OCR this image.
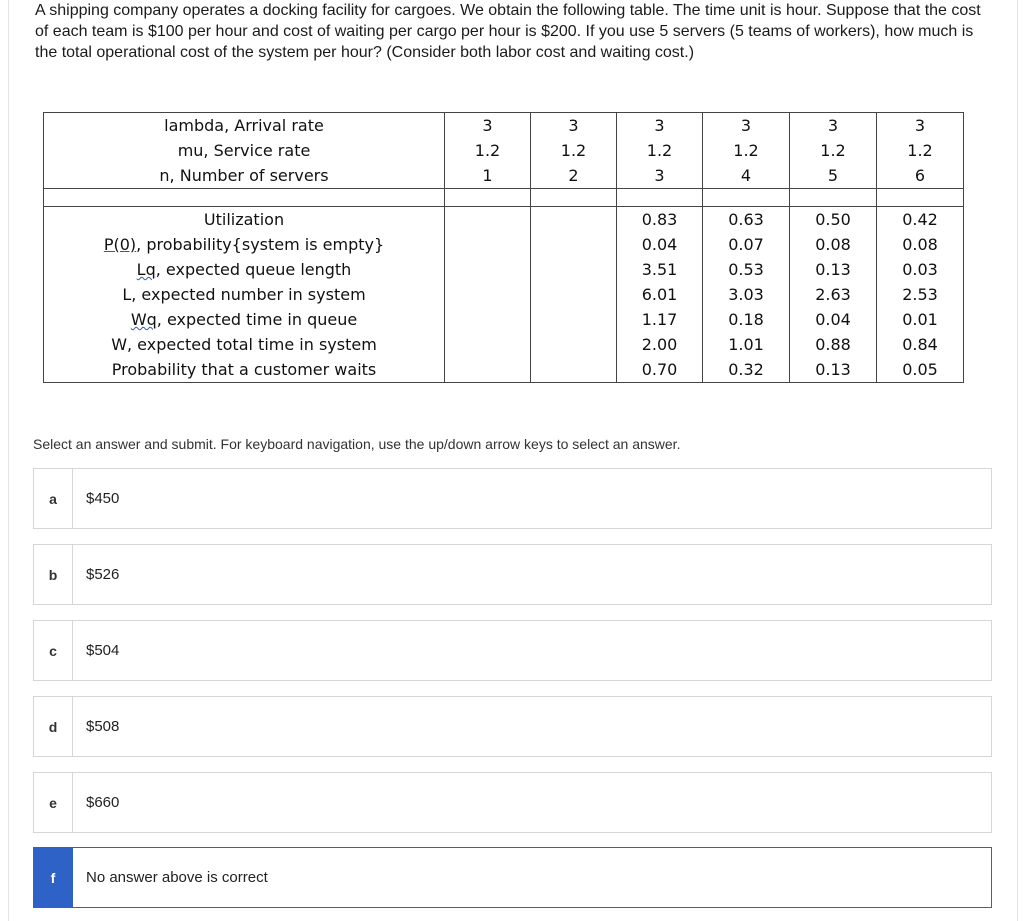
A shipping company operates a docking facility for cargoes. We obtain the following table. The time unit is hour. Suppose that the cost of each team is $100 per hour and cost of waiting per cargo per hour is $200. If you use 5 servers (5 teams of workers), how much is the total operational cost of the system per hour? (Consider both labor cost and waiting cost.)
lambda, Arrival rate	3	3	3	3	3	3
mu, Service rate	1.2	1.2	1.2	1.2	1.2	1.2
n, Number of servers	1	2	3	4	5	6

Utilization			0.83	0.63	0.50	0.42
P(0), probability{system is empty}			0.04	0.07	0.08	0.08
Lq, expected queue length			3.51	0.53	0.13	0.03
L, expected number in system			6.01	3.03	2.63	2.53
Wq, expected time in queue			1.17	0.18	0.04	0.01
W, expected total time in system			2.00	1.01	0.88	0.84
Probability that a customer waits			0.70	0.32	0.13	0.05
Select an answer and submit. For keyboard navigation, use the up/down arrow keys to select an answer.
a	$450
b	$526
c	$504
d	$508
e	$660
f	No answer above is correct
